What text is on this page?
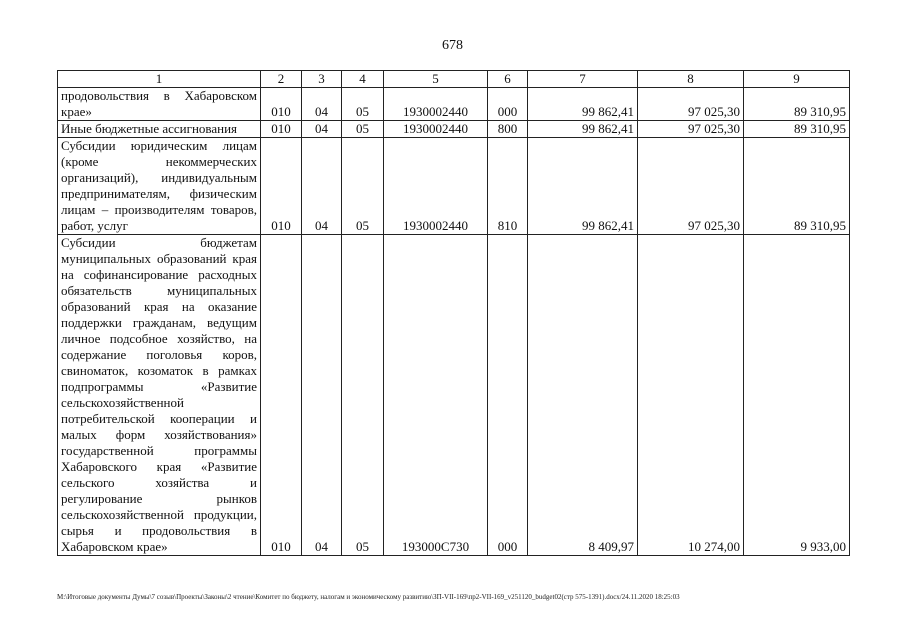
678
1	2	3	4	5	6	7	8	9
продовольствия в Хабаровском крае»	010	04	05	1930002440	000	99 862,41	97 025,30	89 310,95
Иные бюджетные ассигнования	010	04	05	1930002440	800	99 862,41	97 025,30	89 310,95
Субсидии юридическим лицам (кроме некоммерческих организаций), индивидуальным предпринимателям, физическим лицам – производителям товаров, работ, услуг	010	04	05	1930002440	810	99 862,41	97 025,30	89 310,95
Субсидии бюджетам муниципальных образований края на софинансирование расходных обязательств муниципальных образований края на оказание поддержки гражданам, ведущим личное подсобное хозяйство, на содержание поголовья коров, свиноматок, козоматок в рамках подпрограммы «Развитие сельскохозяйственной потребительской кооперации и малых форм хозяйствования» государственной программы Хабаровского края «Развитие сельского хозяйства и регулирование рынков сельскохозяйственной продукции, сырья и продовольствия в Хабаровском крае»	010	04	05	193000С730	000	8 409,97	10 274,00	9 933,00
M:\Итоговые документы Думы\7 созыв\Проекты\Законы\2 чтение\Комитет по бюджету, налогам и экономическому развитию\ЗП-VII-169\пр2-VII-169_v251120_budget02(стр 575-1391).docx/24.11.2020 18:25:03
